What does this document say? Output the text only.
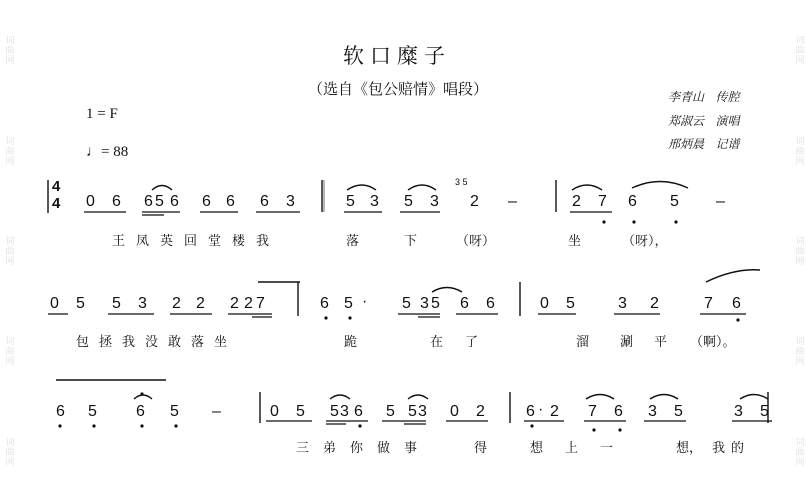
词曲网
词曲网
词曲网
词曲网
词曲网
词曲网
词曲网
词曲网
词曲网
词曲网
软口糜子
（选自《包公赔情》唱段）
1 = F
♩= 88
李青山 传腔
郑淑云 演唱
邢炳晨 记谱
4
4 0 6 6 5 6 6 6 6 3	5 3 5 3 2 –	2 7 6 5 –
0 5 5 3 2 2 2 2 7	6 5 · 5 3 5 6 6	0 5	3 2	7 6
6 5 6 5 –	0 5 5 3 6 5 5 3 0 2	6 · 2 7 6 3 5	3 5
3 5
王凤英回堂楼我	落	下	（呀）	坐	（呀），
包拯我没敢落坐	跪	在了	溜 涮 平 （啊）。
三弟你做事	得	想上一	想， 我的
